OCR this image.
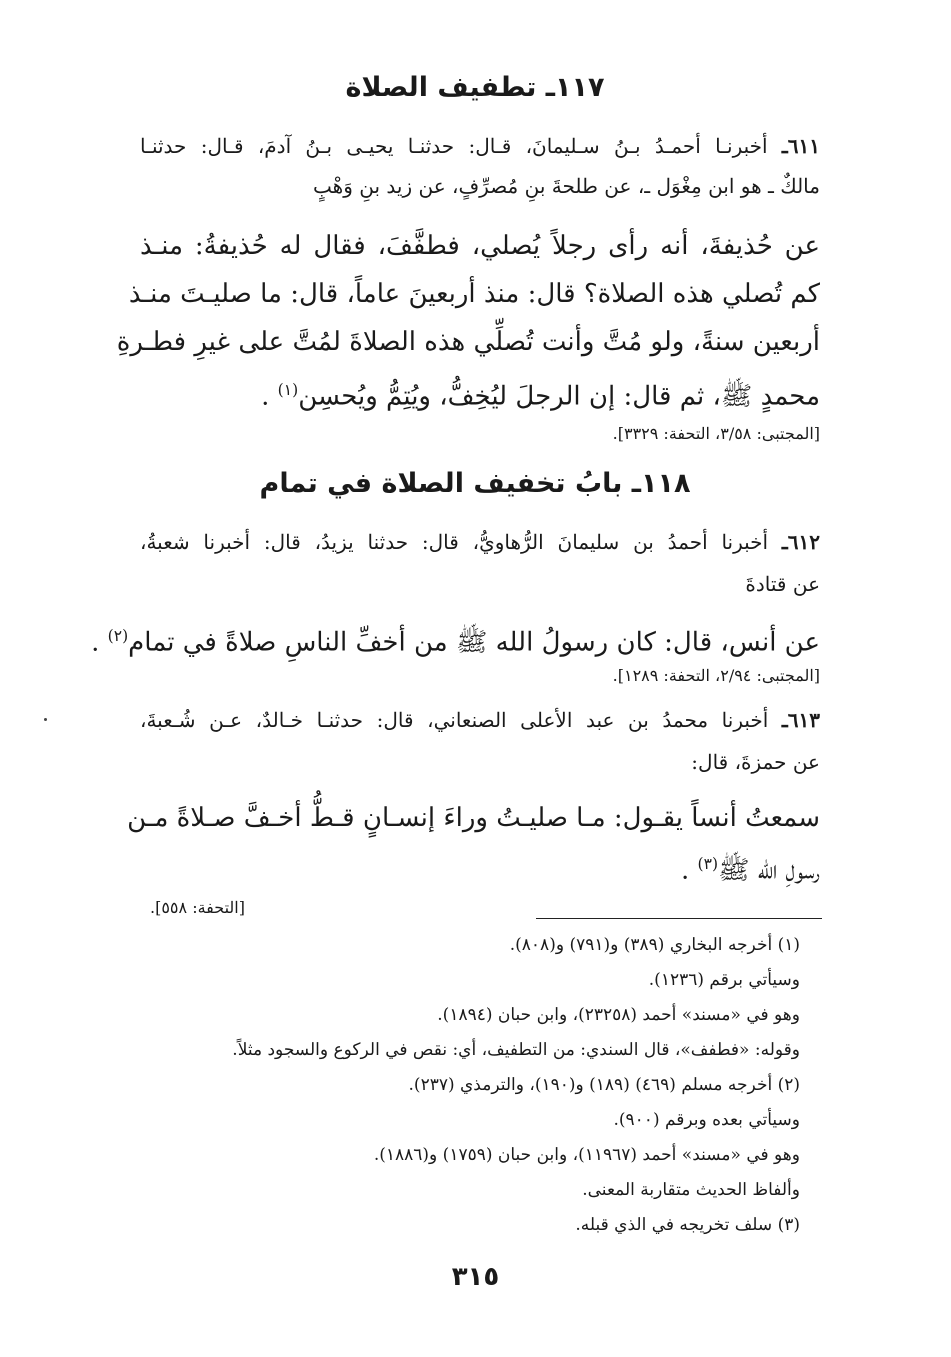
١١٧ـ تطفيف الصلاة
٦١١ـ أخبرنـا أحمـدُ بـنُ سـليمانَ، قـال: حدثنـا يحيـى بـنُ آدمَ، قـال: حدثنـا
مالكٌ ـ هو ابن مِغْوَل ـ، عن طلحةَ بنِ مُصرِّفٍ، عن زيد بنِ وَهْبٍ
عن حُذيفةَ، أنه رأى رجلاً يُصلي، فطفَّفَ، فقال له حُذيفةُ: منـذ
كم تُصلي هذه الصلاة؟ قال: منذ أربعينَ عاماً، قال: ما صليـتَ منـذ
أربعين سنةً، ولو مُتَّ وأنت تُصلِّي هذه الصلاةَ لمُتَّ على غيرِ فطـرةِ
محمدٍ ﷺ، ثم قال: إن الرجلَ ليُخِفُّ، ويُتِمُّ ويُحسِن$^{(١)}$ .
[المجتبى: ٣/٥٨، التحفة: ٣٣٢٩].
١١٨ـ بابُ تخفيف الصلاة في تمام
٦١٢ـ أخبرنا أحمدُ بن سليمانَ الرُّهاويُّ، قال: حدثنا يزيدُ، قال: أخبرنا شعبةُ،
عن قتادةَ
عن أنس، قال: كان رسولُ الله ﷺ من أخفِّ الناسِ صلاةً في تمام$^{(٢)}$ .
[المجتبى: ٢/٩٤، التحفة: ١٢٨٩].
٦١٣ـ أخبرنا محمدُ بن عبد الأعلى الصنعاني، قال: حدثنـا خـالدٌ، عـن شُـعبةَ،
عن حمزةَ، قال:
سمعتُ أنساً يقـول: مـا صليـتُ وراءَ إنسـانٍ قـطُّ أخـفَّ صـلاةً مـن
رسولِ الله ﷺ$^{(٣)}$ .
[التحفة: ٥٥٨].
(١) أخرجه البخاري (٣٨٩) و(٧٩١) و(٨٠٨).
وسيأتي برقم (١٢٣٦).
وهو في «مسند» أحمد (٢٣٢٥٨)، وابن حبان (١٨٩٤).
وقوله: «فطفف»، قال السندي: من التطفيف، أي: نقص في الركوع والسجود مثلاً.
(٢) أخرجه مسلم (٤٦٩) (١٨٩) و(١٩٠)، والترمذي (٢٣٧).
وسيأتي بعده وبرقم (٩٠٠).
وهو في «مسند» أحمد (١١٩٦٧)، وابن حبان (١٧٥٩) و(١٨٨٦).
وألفاظ الحديث متقاربة المعنى.
(٣) سلف تخريجه في الذي قبله.
٣١٥
